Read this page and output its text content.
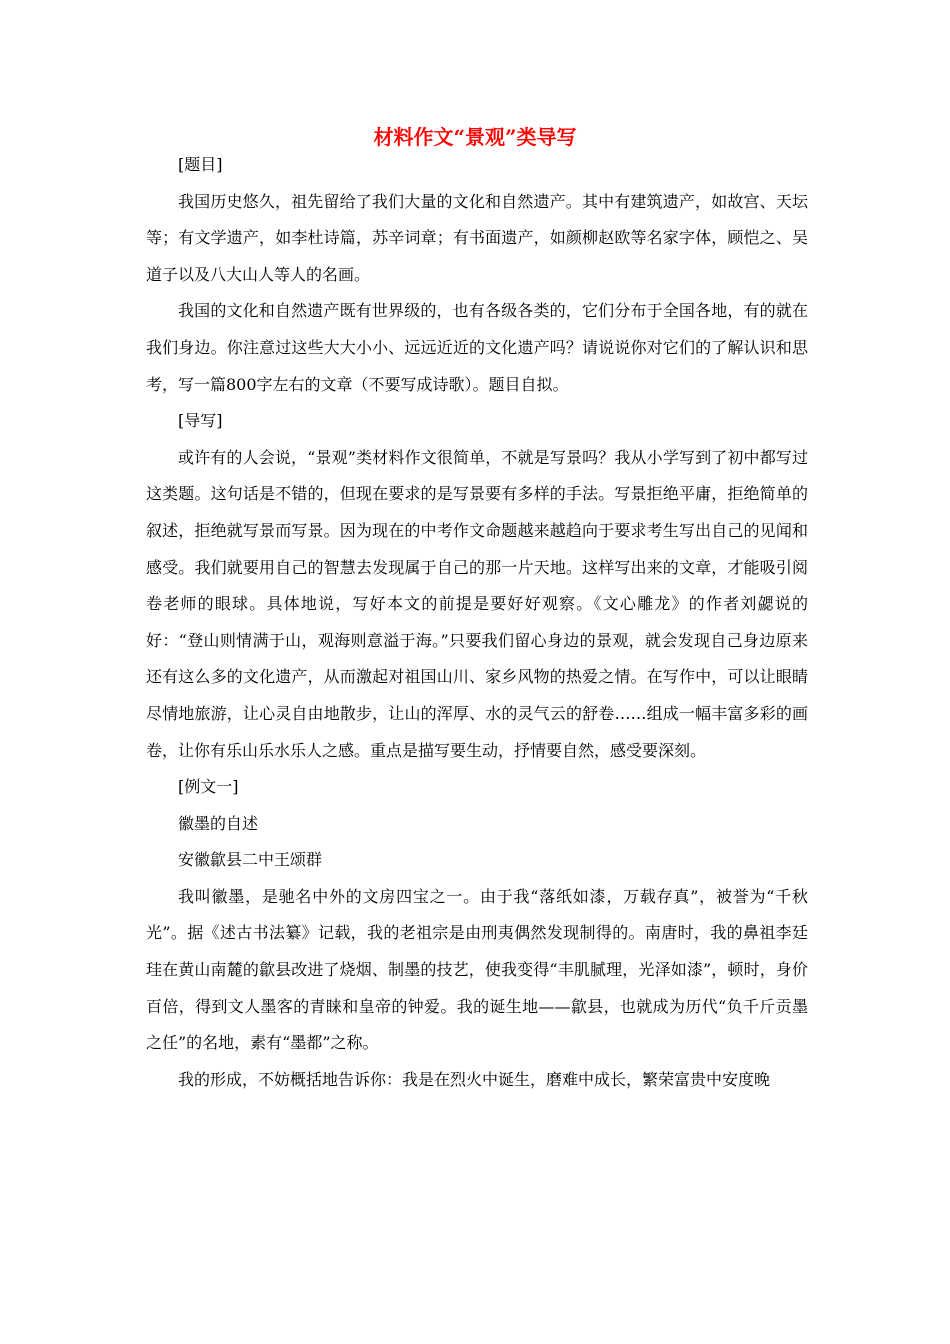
材料作文“景观”类导写

[题目]

我国历史悠久，祖先留给了我们大量的文化和自然遗产。其中有建筑遗产，如故宫、天坛等；有文学遗产，如李杜诗篇，苏辛词章；有书面遗产，如颜柳赵欧等名家字体，顾恺之、吴道子以及八大山人等人的名画。

我国的文化和自然遗产既有世界级的，也有各级各类的，它们分布于全国各地，有的就在我们身边。你注意过这些大大小小、远远近近的文化遗产吗？请说说你对它们的了解认识和思考，写一篇800字左右的文章（不要写成诗歌）。题目自拟。

[导写]

或许有的人会说，“景观”类材料作文很简单，不就是写景吗？我从小学写到了初中都写过这类题。这句话是不错的，但现在要求的是写景要有多样的手法。写景拒绝平庸，拒绝简单的叙述，拒绝就写景而写景。因为现在的中考作文命题越来越趋向于要求考生写出自己的见闻和感受。我们就要用自己的智慧去发现属于自己的那一片天地。这样写出来的文章，才能吸引阅卷老师的眼球。具体地说，写好本文的前提是要好好观察。《文心雕龙》的作者刘勰说的好：“登山则情满于山，观海则意溢于海。”只要我们留心身边的景观，就会发现自己身边原来还有这么多的文化遗产，从而激起对祖国山川、家乡风物的热爱之情。在写作中，可以让眼睛尽情地旅游，让心灵自由地散步，让山的浑厚、水的灵气云的舒卷……组成一幅丰富多彩的画卷，让你有乐山乐水乐人之感。重点是描写要生动，抒情要自然，感受要深刻。

[例文一]

徽墨的自述

安徽歙县二中王颂群

我叫徽墨，是驰名中外的文房四宝之一。由于我“落纸如漆，万载存真”，被誉为“千秋光”。据《述古书法纂》记载，我的老祖宗是由刑夷偶然发现制得的。南唐时，我的鼻祖李廷珪在黄山南麓的歙县改进了烧烟、制墨的技艺，使我变得“丰肌腻理，光泽如漆”，顿时，身价百倍，得到文人墨客的青睐和皇帝的钟爱。我的诞生地——歙县，也就成为历代“负千斤贡墨之任”的名地，素有“墨都”之称。

我的形成，不妨概括地告诉你：我是在烈火中诞生，磨难中成长，繁荣富贵中安度晚
